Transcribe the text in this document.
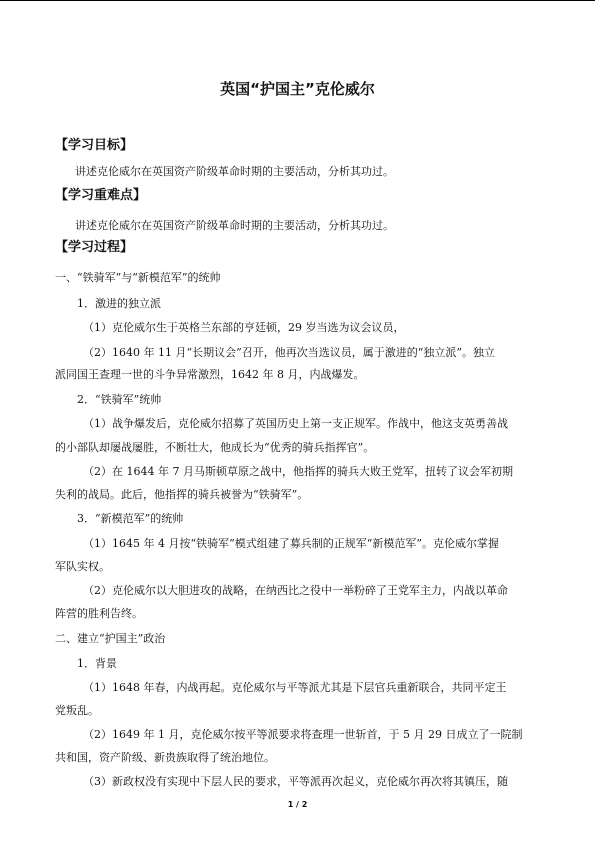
英国“护国主”克伦威尔
【学习目标】
讲述克伦威尔在英国资产阶级革命时期的主要活动，分析其功过。
【学习重难点】
讲述克伦威尔在英国资产阶级革命时期的主要活动，分析其功过。
【学习过程】
一、“铁骑军”与“新模范军”的统帅
1．激进的独立派
（1）克伦威尔生于英格兰东部的亨廷顿，29 岁当选为议会议员，
（2）1640 年 11 月“长期议会”召开，他再次当选议员，属于激进的“独立派”。独立
派同国王查理一世的斗争异常激烈，1642 年 8 月，内战爆发。
2．“铁骑军”统帅
（1）战争爆发后，克伦威尔招募了英国历史上第一支正规军。作战中，他这支英勇善战
的小部队却屡战屡胜，不断壮大，他成长为“优秀的骑兵指挥官”。
（2）在 1644 年 7 月马斯顿草原之战中，他指挥的骑兵大败王党军，扭转了议会军初期
失利的战局。此后，他指挥的骑兵被誉为“铁骑军”。
3．“新模范军”的统帅
（1）1645 年 4 月按“铁骑军”模式组建了募兵制的正规军“新模范军”。克伦威尔掌握
军队实权。
（2）克伦威尔以大胆进攻的战略，在纳西比之役中一举粉碎了王党军主力，内战以革命
阵营的胜利告终。
二、建立“护国主”政治
1．背景
（1）1648 年春，内战再起。克伦威尔与平等派尤其是下层官兵重新联合，共同平定王
党叛乱。
（2）1649 年 1 月，克伦威尔按平等派要求将查理一世斩首，于 5 月 29 日成立了一院制
共和国，资产阶级、新贵族取得了统治地位。
（3）新政权没有实现中下层人民的要求，平等派再次起义，克伦威尔再次将其镇压，随
1 / 2
